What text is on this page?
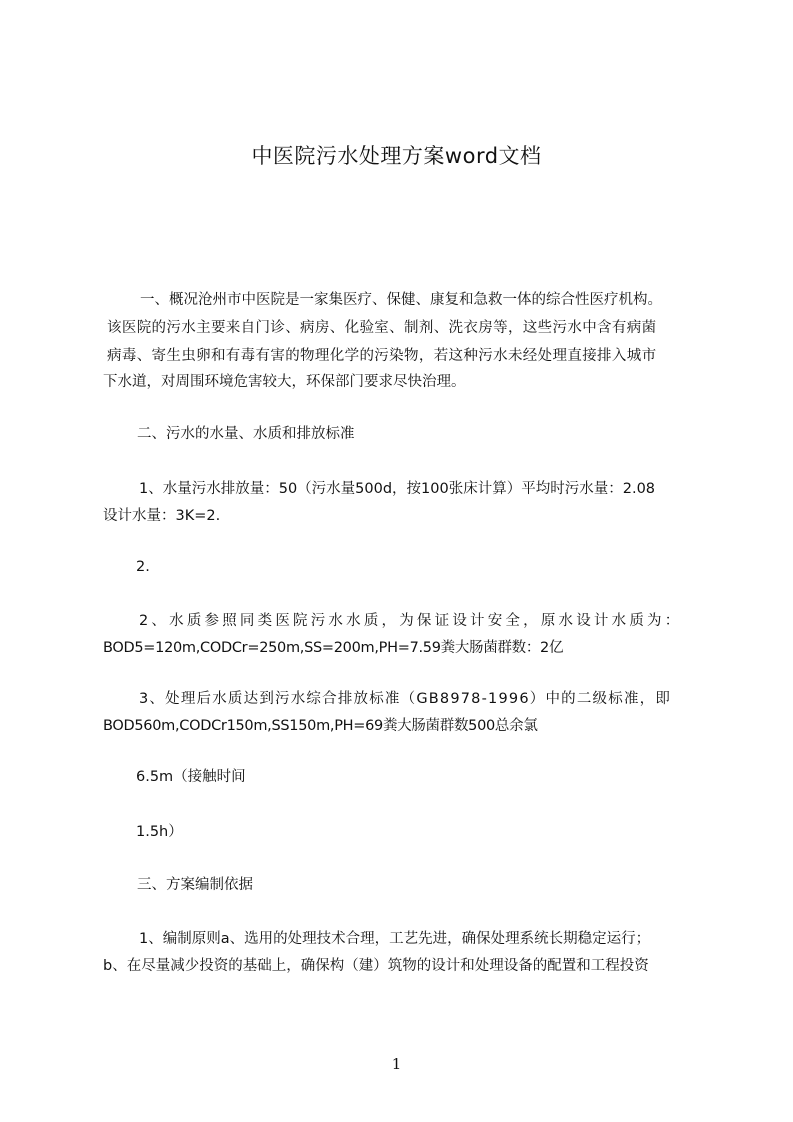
中医院污水处理方案word文档
一、概况沧州市中医院是一家集医疗、保健、康复和急救一体的综合性医疗机构。
该医院的污水主要来自门诊、病房、化验室、制剂、洗衣房等，这些污水中含有病菌
病毒、寄生虫卵和有毒有害的物理化学的污染物，若这种污水未经处理直接排入城市
下水道，对周围环境危害较大，环保部门要求尽快治理。
二、污水的水量、水质和排放标准
1、水量污水排放量：50（污水量500d，按100张床计算）平均时污水量：2.08
设计水量：3K=2.
2.
2、水质参照同类医院污水水质，为保证设计安全，原水设计水质为：
BOD5=120m,CODCr=250m,SS=200m,PH=7.59粪大肠菌群数：2亿
3、处理后水质达到污水综合排放标准（GB8978-1996）中的二级标准，即
BOD560m,CODCr150m,SS150m,PH=69粪大肠菌群数500总余氯
6.5m（接触时间
1.5h）
三、方案编制依据
1、编制原则a、选用的处理技术合理，工艺先进，确保处理系统长期稳定运行；
b、在尽量减少投资的基础上，确保构（建）筑物的设计和处理设备的配置和工程投资
1
